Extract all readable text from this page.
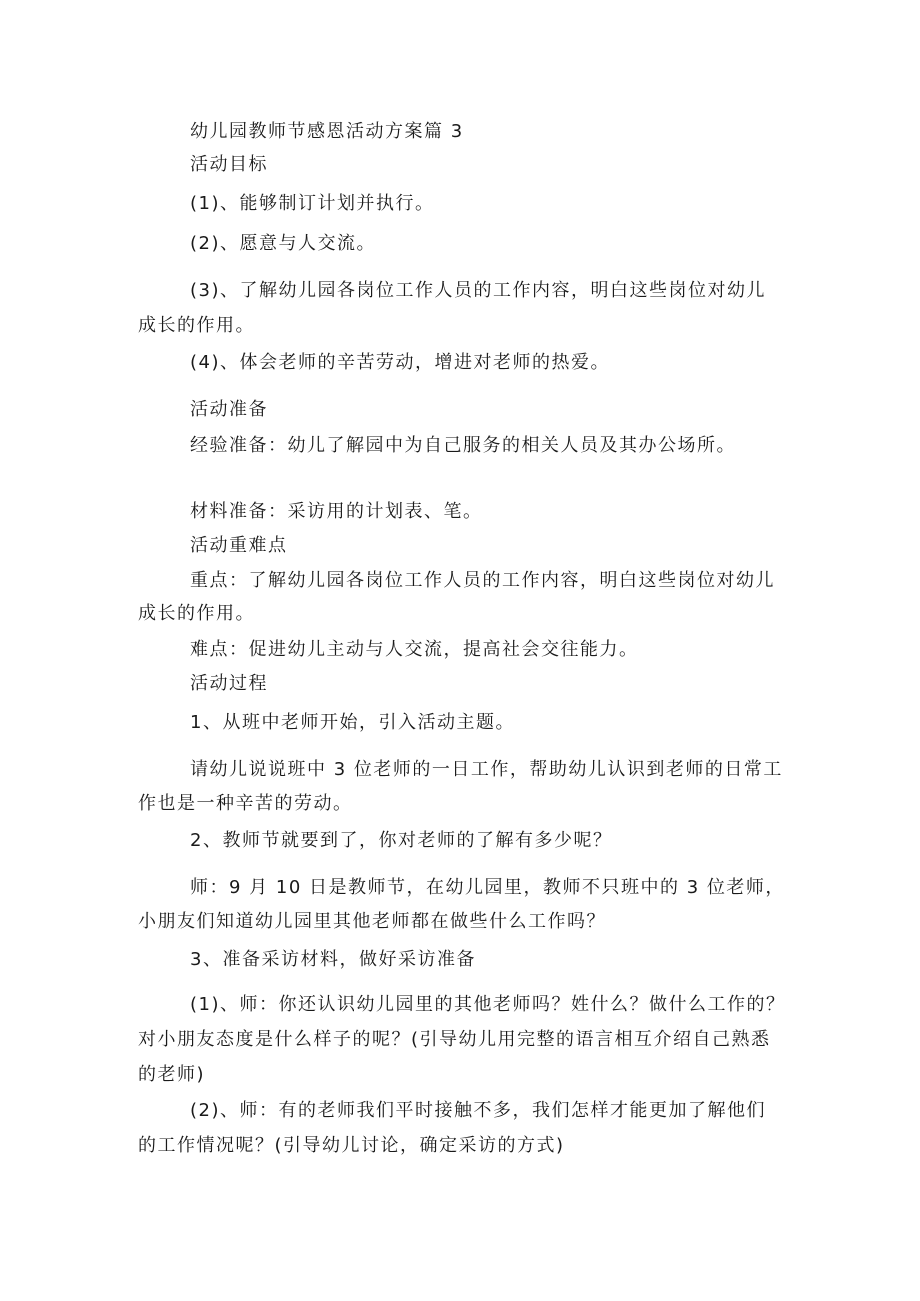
幼儿园教师节感恩活动方案篇 3
活动目标
(1)、能够制订计划并执行。
(2)、愿意与人交流。
(3)、了解幼儿园各岗位工作人员的工作内容，明白这些岗位对幼儿
成长的作用。
(4)、体会老师的辛苦劳动，增进对老师的热爱。
活动准备
经验准备：幼儿了解园中为自己服务的相关人员及其办公场所。
材料准备：采访用的计划表、笔。
活动重难点
重点：了解幼儿园各岗位工作人员的工作内容，明白这些岗位对幼儿
成长的作用。
难点：促进幼儿主动与人交流，提高社会交往能力。
活动过程
1、从班中老师开始，引入活动主题。
请幼儿说说班中 3 位老师的一日工作，帮助幼儿认识到老师的日常工
作也是一种辛苦的劳动。
2、教师节就要到了，你对老师的了解有多少呢？
师：9 月 10 日是教师节，在幼儿园里，教师不只班中的 3 位老师，
小朋友们知道幼儿园里其他老师都在做些什么工作吗？
3、准备采访材料，做好采访准备
(1)、师：你还认识幼儿园里的其他老师吗？姓什么？做什么工作的？
对小朋友态度是什么样子的呢？(引导幼儿用完整的语言相互介绍自己熟悉
的老师)
(2)、师：有的老师我们平时接触不多，我们怎样才能更加了解他们
的工作情况呢？(引导幼儿讨论，确定采访的方式)
